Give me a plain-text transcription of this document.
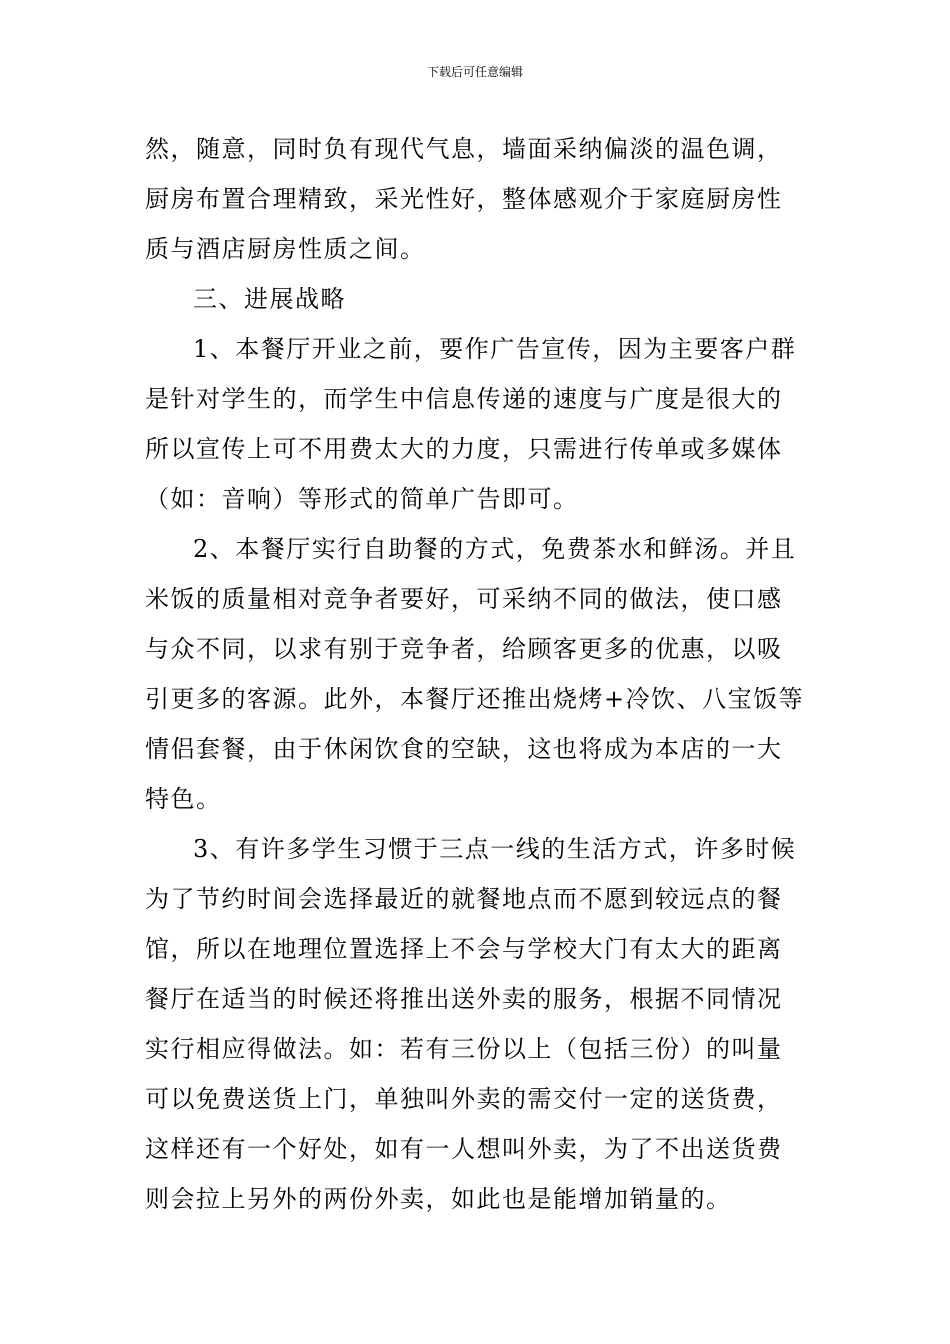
下载后可任意编辑
然，随意，同时负有现代气息，墙面采纳偏淡的温色调，
厨房布置合理精致，采光性好，整体感观介于家庭厨房性
质与酒店厨房性质之间。
三、进展战略
1、本餐厅开业之前，要作广告宣传，因为主要客户群
是针对学生的，而学生中信息传递的速度与广度是很大的
所以宣传上可不用费太大的力度，只需进行传单或多媒体
（如：音响）等形式的简单广告即可。
2、本餐厅实行自助餐的方式，免费茶水和鲜汤。并且
米饭的质量相对竞争者要好，可采纳不同的做法，使口感
与众不同，以求有别于竞争者，给顾客更多的优惠，以吸
引更多的客源。此外，本餐厅还推出烧烤+冷饮、八宝饭等
情侣套餐，由于休闲饮食的空缺，这也将成为本店的一大
特色。
3、有许多学生习惯于三点一线的生活方式，许多时候
为了节约时间会选择最近的就餐地点而不愿到较远点的餐
馆，所以在地理位置选择上不会与学校大门有太大的距离
餐厅在适当的时候还将推出送外卖的服务，根据不同情况
实行相应得做法。如：若有三份以上（包括三份）的叫量
可以免费送货上门，单独叫外卖的需交付一定的送货费，
这样还有一个好处，如有一人想叫外卖，为了不出送货费
则会拉上另外的两份外卖，如此也是能增加销量的。
